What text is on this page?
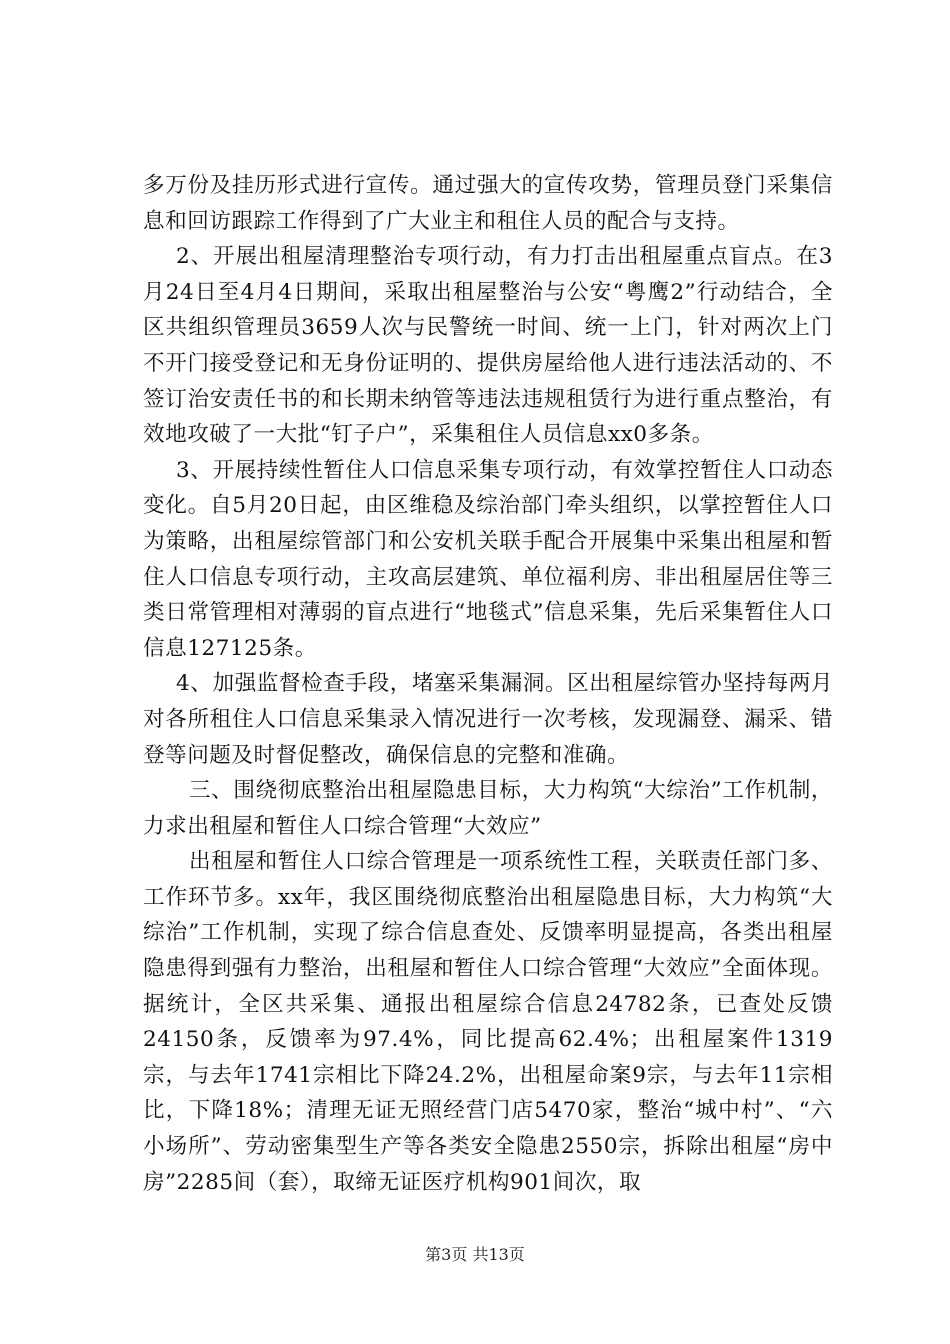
多万份及挂历形式进行宣传。通过强大的宣传攻势，管理员登门采集信息和回访跟踪工作得到了广大业主和租住人员的配合与支持。

2、开展出租屋清理整治专项行动，有力打击出租屋重点盲点。在3月24日至4月4日期间，采取出租屋整治与公安“粤鹰2”行动结合，全区共组织管理员3659人次与民警统一时间、统一上门，针对两次上门不开门接受登记和无身份证明的、提供房屋给他人进行违法活动的、不签订治安责任书的和长期未纳管等违法违规租赁行为进行重点整治，有效地攻破了一大批“钉子户”，采集租住人员信息xx0多条。

3、开展持续性暂住人口信息采集专项行动，有效掌控暂住人口动态变化。自5月20日起，由区维稳及综治部门牵头组织，以掌控暂住人口为策略，出租屋综管部门和公安机关联手配合开展集中采集出租屋和暂住人口信息专项行动，主攻高层建筑、单位福利房、非出租屋居住等三类日常管理相对薄弱的盲点进行“地毯式”信息采集，先后采集暂住人口信息127125条。

4、加强监督检查手段，堵塞采集漏洞。区出租屋综管办坚持每两月对各所租住人口信息采集录入情况进行一次考核，发现漏登、漏采、错登等问题及时督促整改，确保信息的完整和准确。

三、围绕彻底整治出租屋隐患目标，大力构筑“大综治”工作机制，力求出租屋和暂住人口综合管理“大效应”

出租屋和暂住人口综合管理是一项系统性工程，关联责任部门多、工作环节多。xx年，我区围绕彻底整治出租屋隐患目标，大力构筑“大综治”工作机制，实现了综合信息查处、反馈率明显提高，各类出租屋隐患得到强有力整治，出租屋和暂住人口综合管理“大效应”全面体现。据统计，全区共采集、通报出租屋综合信息24782条，已查处反馈24150条，反馈率为97.4%，同比提高62.4%；出租屋案件1319宗，与去年1741宗相比下降24.2%，出租屋命案9宗，与去年11宗相比，下降18%；清理无证无照经营门店5470家，整治“城中村”、“六小场所”、劳动密集型生产等各类安全隐患2550宗，拆除出租屋“房中房”2285间（套），取缔无证医疗机构901间次，取

第3页 共13页
